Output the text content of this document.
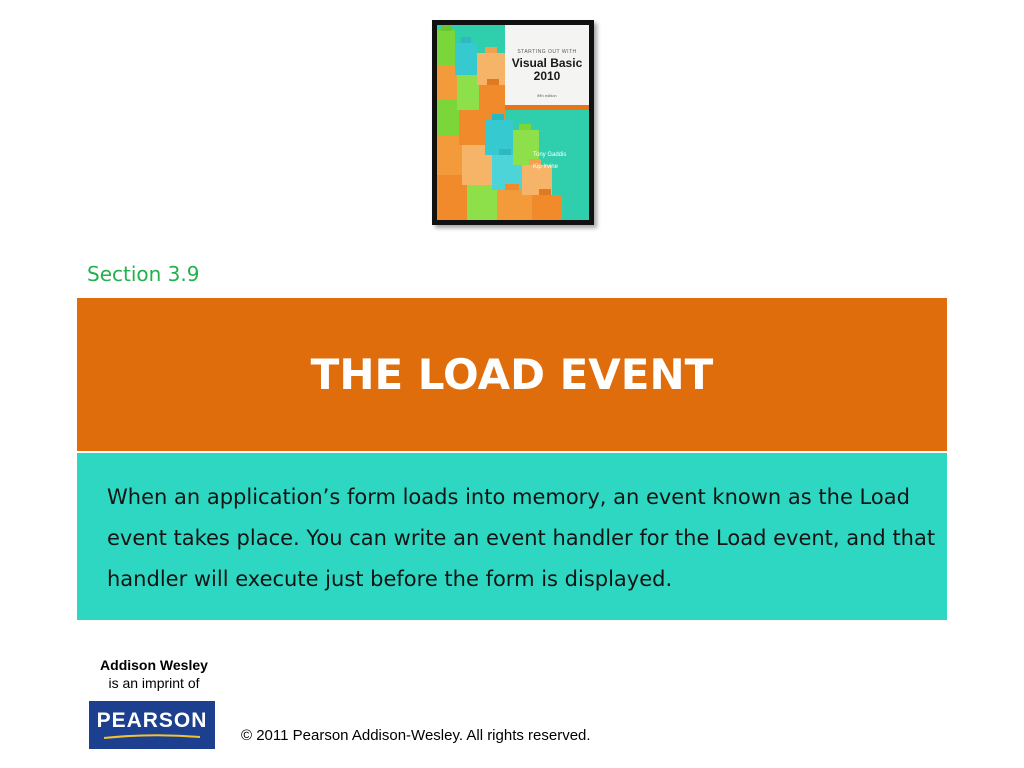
STARTING OUT WITH
Visual Basic
2010
fifth edition
Tony Gaddis
Kip Irvine
Section 3.9
THE LOAD EVENT
When an application’s form loads into memory, an event known as the Load event takes place. You can write an event handler for the Load event, and that handler will execute just before the form is displayed.
Addison Wesley
is an imprint of
PEARSON
© 2011 Pearson Addison-Wesley. All rights reserved.
